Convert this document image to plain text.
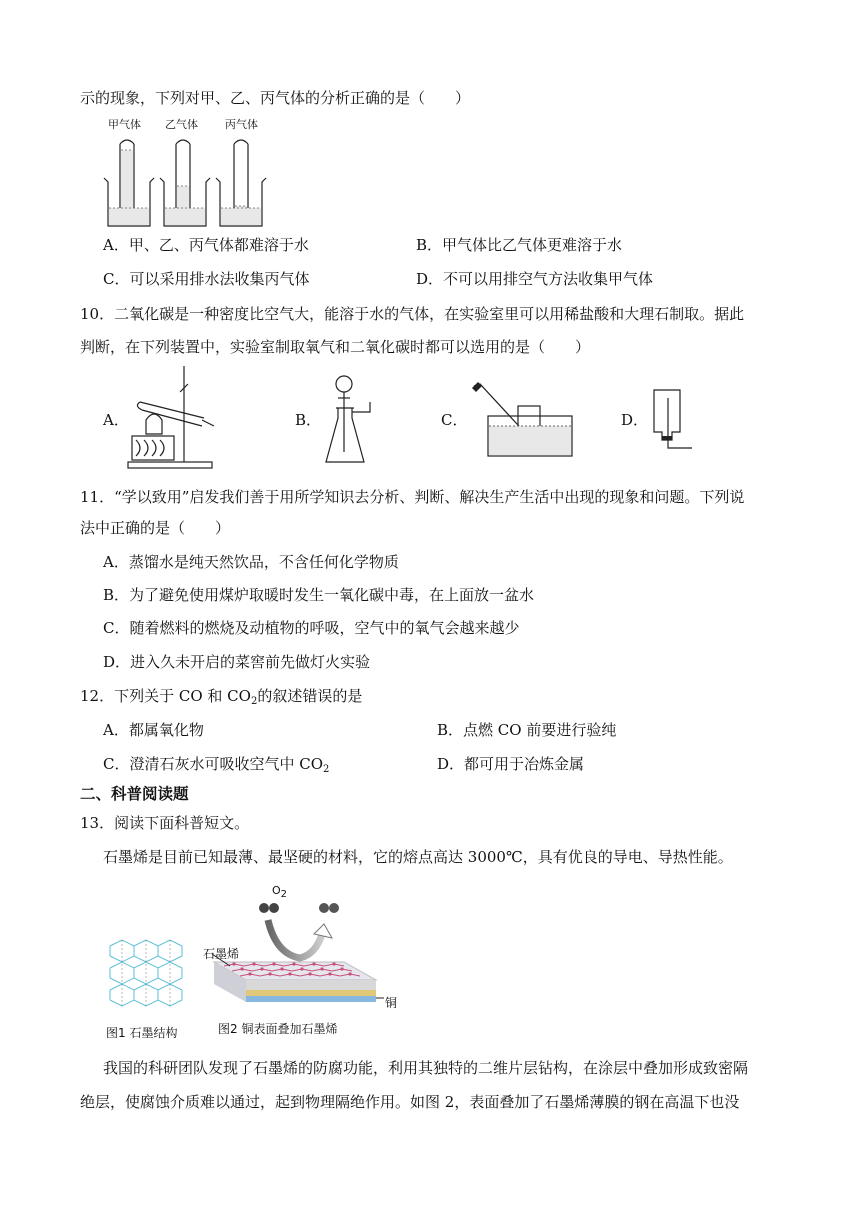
示的现象，下列对甲、乙、丙气体的分析正确的是（　　）
甲气体 乙气体 丙气体
A．甲、乙、丙气体都难溶于水	B．甲气体比乙气体更难溶于水
C．可以采用排水法收集丙气体	D．不可以用排空气方法收集甲气体
10．二氧化碳是一种密度比空气大，能溶于水的气体，在实验室里可以用稀盐酸和大理石制取。据此
判断，在下列装置中，实验室制取氧气和二氧化碳时都可以选用的是（　　）
A．	B．	C．	D．
11．“学以致用”启发我们善于用所学知识去分析、判断、解决生产生活中出现的现象和问题。下列说
法中正确的是（　　）
A．蒸馏水是纯天然饮品，不含任何化学物质
B．为了避免使用煤炉取暖时发生一氧化碳中毒，在上面放一盆水
C．随着燃料的燃烧及动植物的呼吸，空气中的氧气会越来越少
D．进入久未开启的菜窖前先做灯火实验
12．下列关于 CO 和 $CO_2$的叙述错误的是
A．都属氧化物	B．点燃 CO 前要进行验纯
C．澄清石灰水可吸收空气中 $CO_2$	D．都可用于冶炼金属
二、科普阅读题
13．阅读下面科普短文。
石墨烯是目前已知最薄、最坚硬的材料，它的熔点高达 3000℃，具有优良的导电、导热性能。
图1 石墨结构
$O_2$
石墨烯
铜
图2 铜表面叠加石墨烯
我国的科研团队发现了石墨烯的防腐功能，利用其独特的二维片层钻构，在涂层中叠加形成致密隔
绝层，使腐蚀介质难以通过，起到物理隔绝作用。如图 2，表面叠加了石墨烯薄膜的钢在高温下也没
